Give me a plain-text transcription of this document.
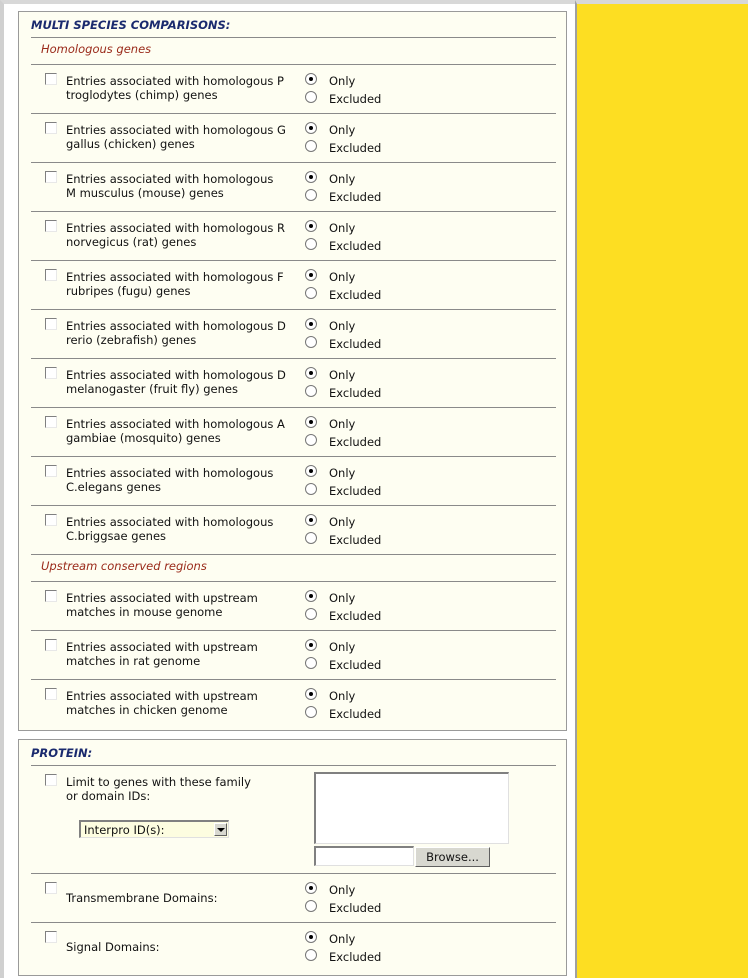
MULTI SPECIES COMPARISONS:
Homologous genes
Entries associated with homologous P troglodytes (chimp) genes
Only
Excluded
Entries associated with homologous G gallus (chicken) genes
Only
Excluded
Entries associated with homologous M musculus (mouse) genes
Only
Excluded
Entries associated with homologous R norvegicus (rat) genes
Only
Excluded
Entries associated with homologous F rubripes (fugu) genes
Only
Excluded
Entries associated with homologous D rerio (zebrafish) genes
Only
Excluded
Entries associated with homologous D melanogaster (fruit fly) genes
Only
Excluded
Entries associated with homologous A gambiae (mosquito) genes
Only
Excluded
Entries associated with homologous C.elegans genes
Only
Excluded
Entries associated with homologous C.briggsae genes
Only
Excluded
Upstream conserved regions
Entries associated with upstream matches in mouse genome
Only
Excluded
Entries associated with upstream matches in rat genome
Only
Excluded
Entries associated with upstream matches in chicken genome
Only
Excluded
PROTEIN:
Limit to genes with these family or domain IDs:
Interpro ID(s):
Browse...
Transmembrane Domains:
Only
Excluded
Signal Domains:
Only
Excluded
